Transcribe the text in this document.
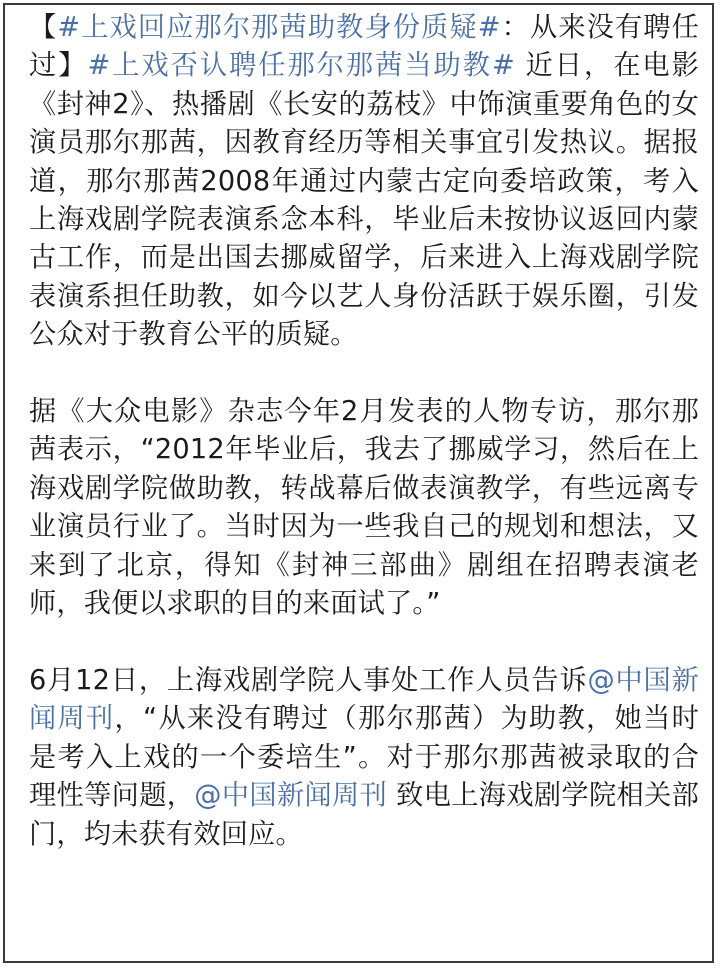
【#上戏回应那尔那茜助教身份质疑#：从来没有聘任过】#上戏否认聘任那尔那茜当助教# 近日，在电影《封神2》、热播剧《长安的荔枝》中饰演重要角色的女演员那尔那茜，因教育经历等相关事宜引发热议。据报道，那尔那茜2008年通过内蒙古定向委培政策，考入上海戏剧学院表演系念本科，毕业后未按协议返回内蒙古工作，而是出国去挪威留学，后来进入上海戏剧学院表演系担任助教，如今以艺人身份活跃于娱乐圈，引发公众对于教育公平的质疑。

据《大众电影》杂志今年2月发表的人物专访，那尔那茜表示，“2012年毕业后，我去了挪威学习，然后在上海戏剧学院做助教，转战幕后做表演教学，有些远离专业演员行业了。当时因为一些我自己的规划和想法，又来到了北京，得知《封神三部曲》剧组在招聘表演老师，我便以求职的目的来面试了。”

6月12日，上海戏剧学院人事处工作人员告诉@中国新闻周刊，“从来没有聘过（那尔那茜）为助教，她当时是考入上戏的一个委培生”。对于那尔那茜被录取的合理性等问题，@中国新闻周刊 致电上海戏剧学院相关部门，均未获有效回应。
